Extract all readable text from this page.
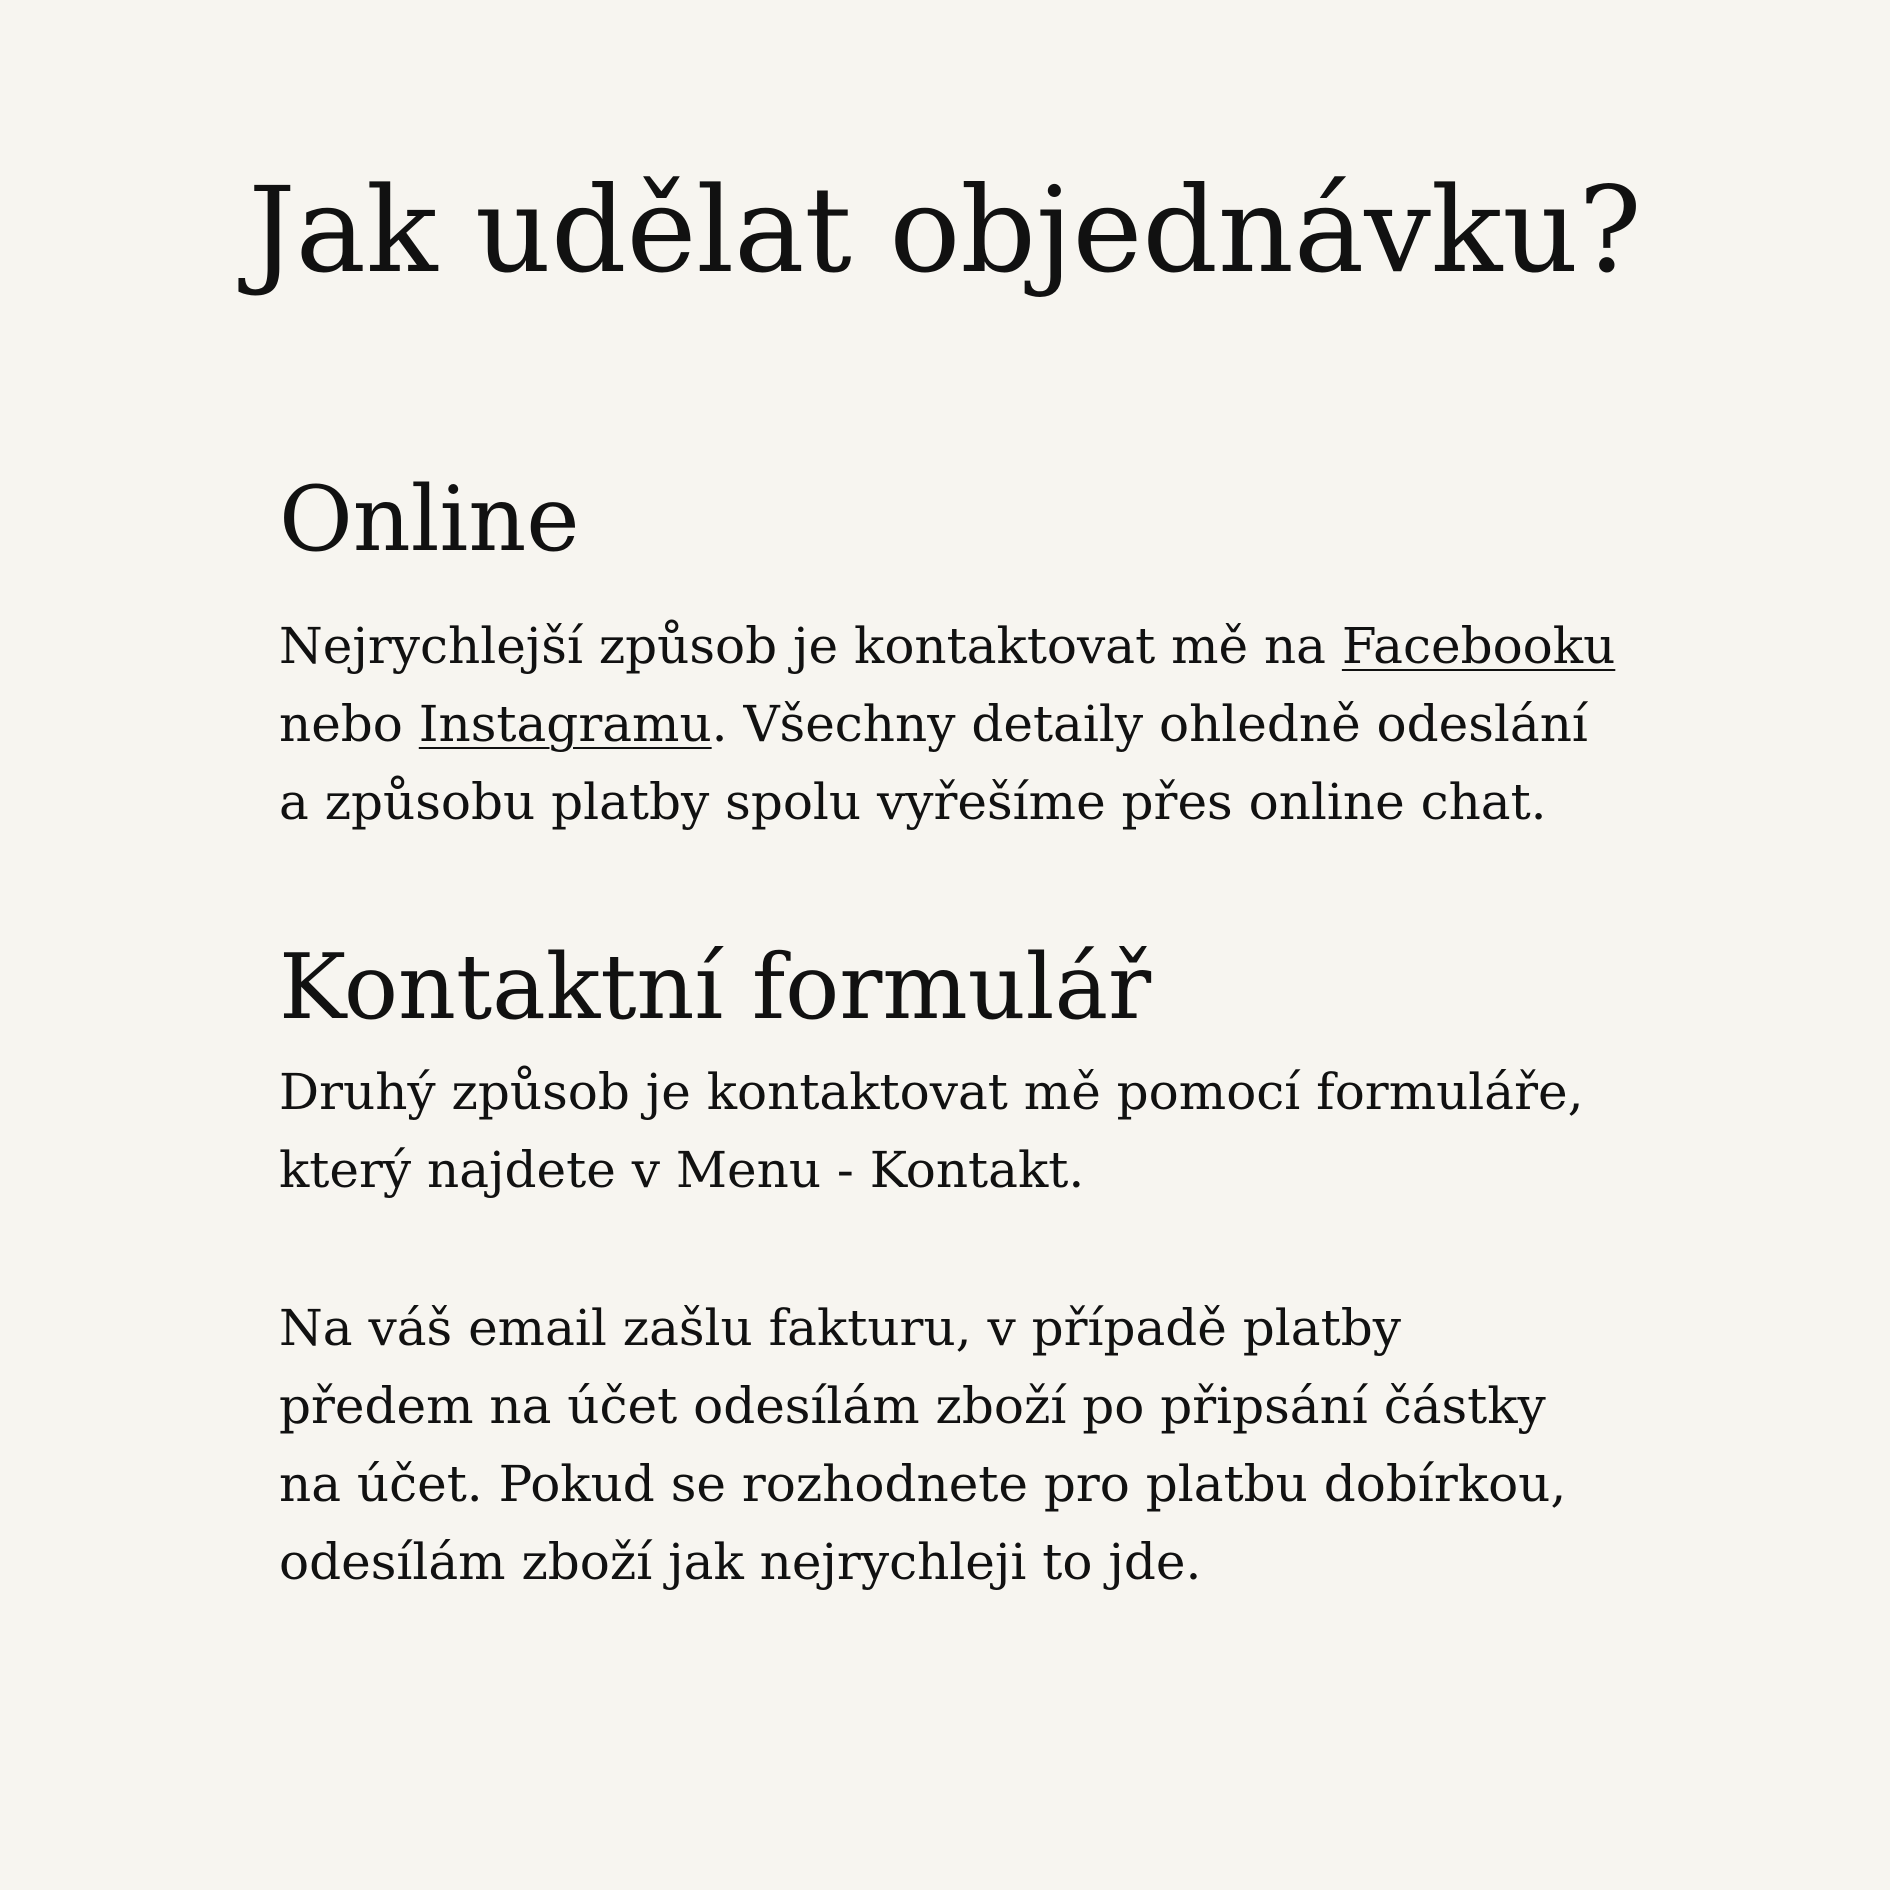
Jak udělat objednávku?
Online

Nejrychlejší způsob je kontaktovat mě na Facebooku
nebo Instagramu. Všechny detaily ohledně odeslání
a způsobu platby spolu vyřešíme přes online chat.

Kontaktní formulář

Druhý způsob je kontaktovat mě pomocí formuláře,
který najdete v Menu - Kontakt.

Na váš email zašlu fakturu, v případě platby
předem na účet odesílám zboží po připsání částky
na účet. Pokud se rozhodnete pro platbu dobírkou,
odesílám zboží jak nejrychleji to jde.
